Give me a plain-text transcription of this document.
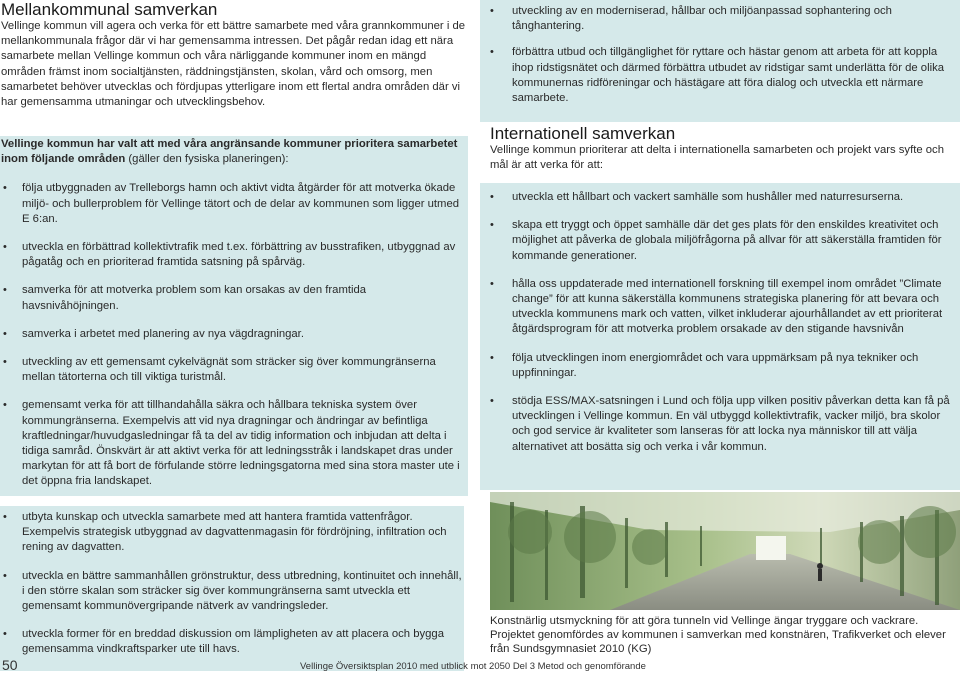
Mellankommunal samverkan

Vellinge kommun vill agera och verka för ett bättre samarbete med våra grannkommuner i de mellankommunala frågor där vi har gemensamma intressen. Det pågår redan idag ett nära samarbete mellan Vellinge kommun och våra närliggande kommuner inom en mängd områden främst inom socialtjänsten, räddningstjänsten, skolan, vård och omsorg, men samarbetet behöver utvecklas och fördjupas ytterligare inom ett flertal andra områden där vi har gemensamma utmaningar och utvecklingsbehov.

Vellinge kommun har valt att med våra angränsande kommuner prioritera samarbetet inom följande områden (gäller den fysiska planeringen):

• följa utbyggnaden av Trelleborgs hamn och aktivt vidta åtgärder för att motverka ökade miljö- och bullerproblem för Vellinge tätort och de delar av kommunen som ligger utmed E 6:an.
• utveckla en förbättrad kollektivtrafik med t.ex. förbättring av busstrafiken, utbyggnad av pågatåg och en prioriterad framtida satsning på spårväg.
• samverka för att motverka problem som kan orsakas av den framtida havsnivåhöjningen.
• samverka i arbetet med planering av nya vägdragningar.
• utveckling av ett gemensamt cykelvägnät som sträcker sig över kommungränserna mellan tätorterna och till viktiga turistmål.
• gemensamt verka för att tillhandahålla säkra och hållbara tekniska system över kommungränserna. Exempelvis att vid nya dragningar och ändringar av befintliga kraftledningar/huvudgasledningar få ta del av tidig information och inbjudan att delta i tidiga samråd. Önskvärt är att aktivt verka för att ledningsstråk i landskapet dras under markytan för att få bort de förfulande större ledningsgatorna med sina stora master ute i det öppna fria landskapet.
• utbyta kunskap och utveckla samarbete med att hantera framtida vattenfrågor. Exempelvis strategisk utbyggnad av dagvattenmagasin för fördröjning, infiltration och rening av dagvatten.
• utveckla en bättre sammanhållen grönstruktur, dess utbredning, kontinuitet och innehåll, i den större skalan som sträcker sig över kommungränserna samt utveckla ett gemensamt kommunövergripande nätverk av vandringsleder.
• utveckla former för en breddad diskussion om lämpligheten av att placera och bygga gemensamma vindkraftsparker ute till havs.
• utveckling av en moderniserad, hållbar och miljöanpassad sophantering och tånghantering.
• förbättra utbud och tillgänglighet för ryttare och hästar genom att arbeta för att koppla ihop ridstigsnätet och därmed förbättra utbudet av ridstigar samt underlätta för de olika kommunernas ridföreningar och hästägare att föra dialog och utveckla ett närmare samarbete.
Internationell samverkan

Vellinge kommun prioriterar att delta i internationella samarbeten och projekt vars syfte och mål är att verka för att:

• utveckla ett hållbart och vackert samhälle som hushåller med naturresurserna.
• skapa ett tryggt och öppet samhälle där det ges plats för den enskildes kreativitet och möjlighet att påverka de globala miljöfrågorna på allvar för att säkerställa framtiden för kommande generationer.
• hålla oss uppdaterade med internationell forskning till exempel inom området ”Climate change” för att kunna säkerställa kommunens strategiska planering för att bevara och utveckla kommunens mark och vatten, vilket inkluderar ajourhållandet av ett prioriterat åtgärdsprogram för att motverka problem orsakade av den stigande havsnivån
• följa utvecklingen inom energiområdet och vara uppmärksam på nya tekniker och uppfinningar.
• stödja ESS/MAX-satsningen i Lund och följa upp vilken positiv påverkan detta kan få på utvecklingen i Vellinge kommun. En väl utbyggd kollektivtrafik, vacker miljö, bra skolor och god service är kvaliteter som lanseras för att locka nya människor till att välja alternativet att bosätta sig och verka i vår kommun.

Konstnärlig utsmyckning för att göra tunneln vid Vellinge ängar tryggare och vackrare. Projektet genomfördes av kommunen i samverkan med konstnären, Trafikverket och elever från Sundsgymnasiet 2010 (KG)

50	Vellinge Översiktsplan 2010 med utblick mot 2050 Del 3 Metod och genomförande
